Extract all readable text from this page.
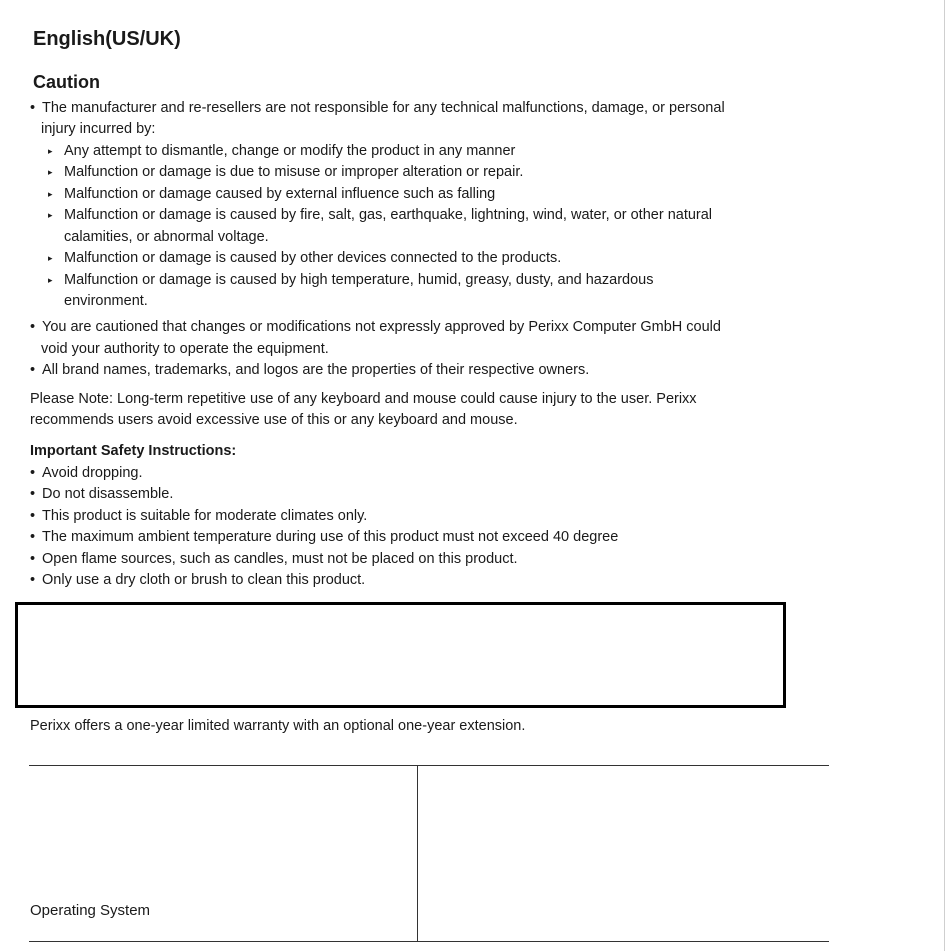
English(US/UK)
Caution
• The manufacturer and re-resellers are not responsible for any technical malfunctions, damage, or personal

injury incurred by:

▸ Any attempt to dismantle, change or modify the product in any manner

▸ Malfunction or damage is due to misuse or improper alteration or repair.

▸ Malfunction or damage caused by external influence such as falling

▸ Malfunction or damage is caused by fire, salt, gas, earthquake, lightning, wind, water, or other natural

calamities, or abnormal voltage.

▸ Malfunction or damage is caused by other devices connected to the products.

▸ Malfunction or damage is caused by high temperature, humid, greasy, dusty, and hazardous

environment.

• You are cautioned that changes or modifications not expressly approved by Perixx Computer GmbH could

void your authority to operate the equipment.

• All brand names, trademarks, and logos are the properties of their respective owners.

Please Note: Long-term repetitive use of any keyboard and mouse could cause injury to the user. Perixx

recommends users avoid excessive use of this or any keyboard and mouse.

Important Safety Instructions:

• Avoid dropping.

• Do not disassemble.

• This product is suitable for moderate climates only.

• The maximum ambient temperature during use of this product must not exceed 40 degree

• Open flame sources, such as candles, must not be placed on this product.

• Only use a dry cloth or brush to clean this product.

Perixx offers a one-year limited warranty with an optional one-year extension.

Operating System
